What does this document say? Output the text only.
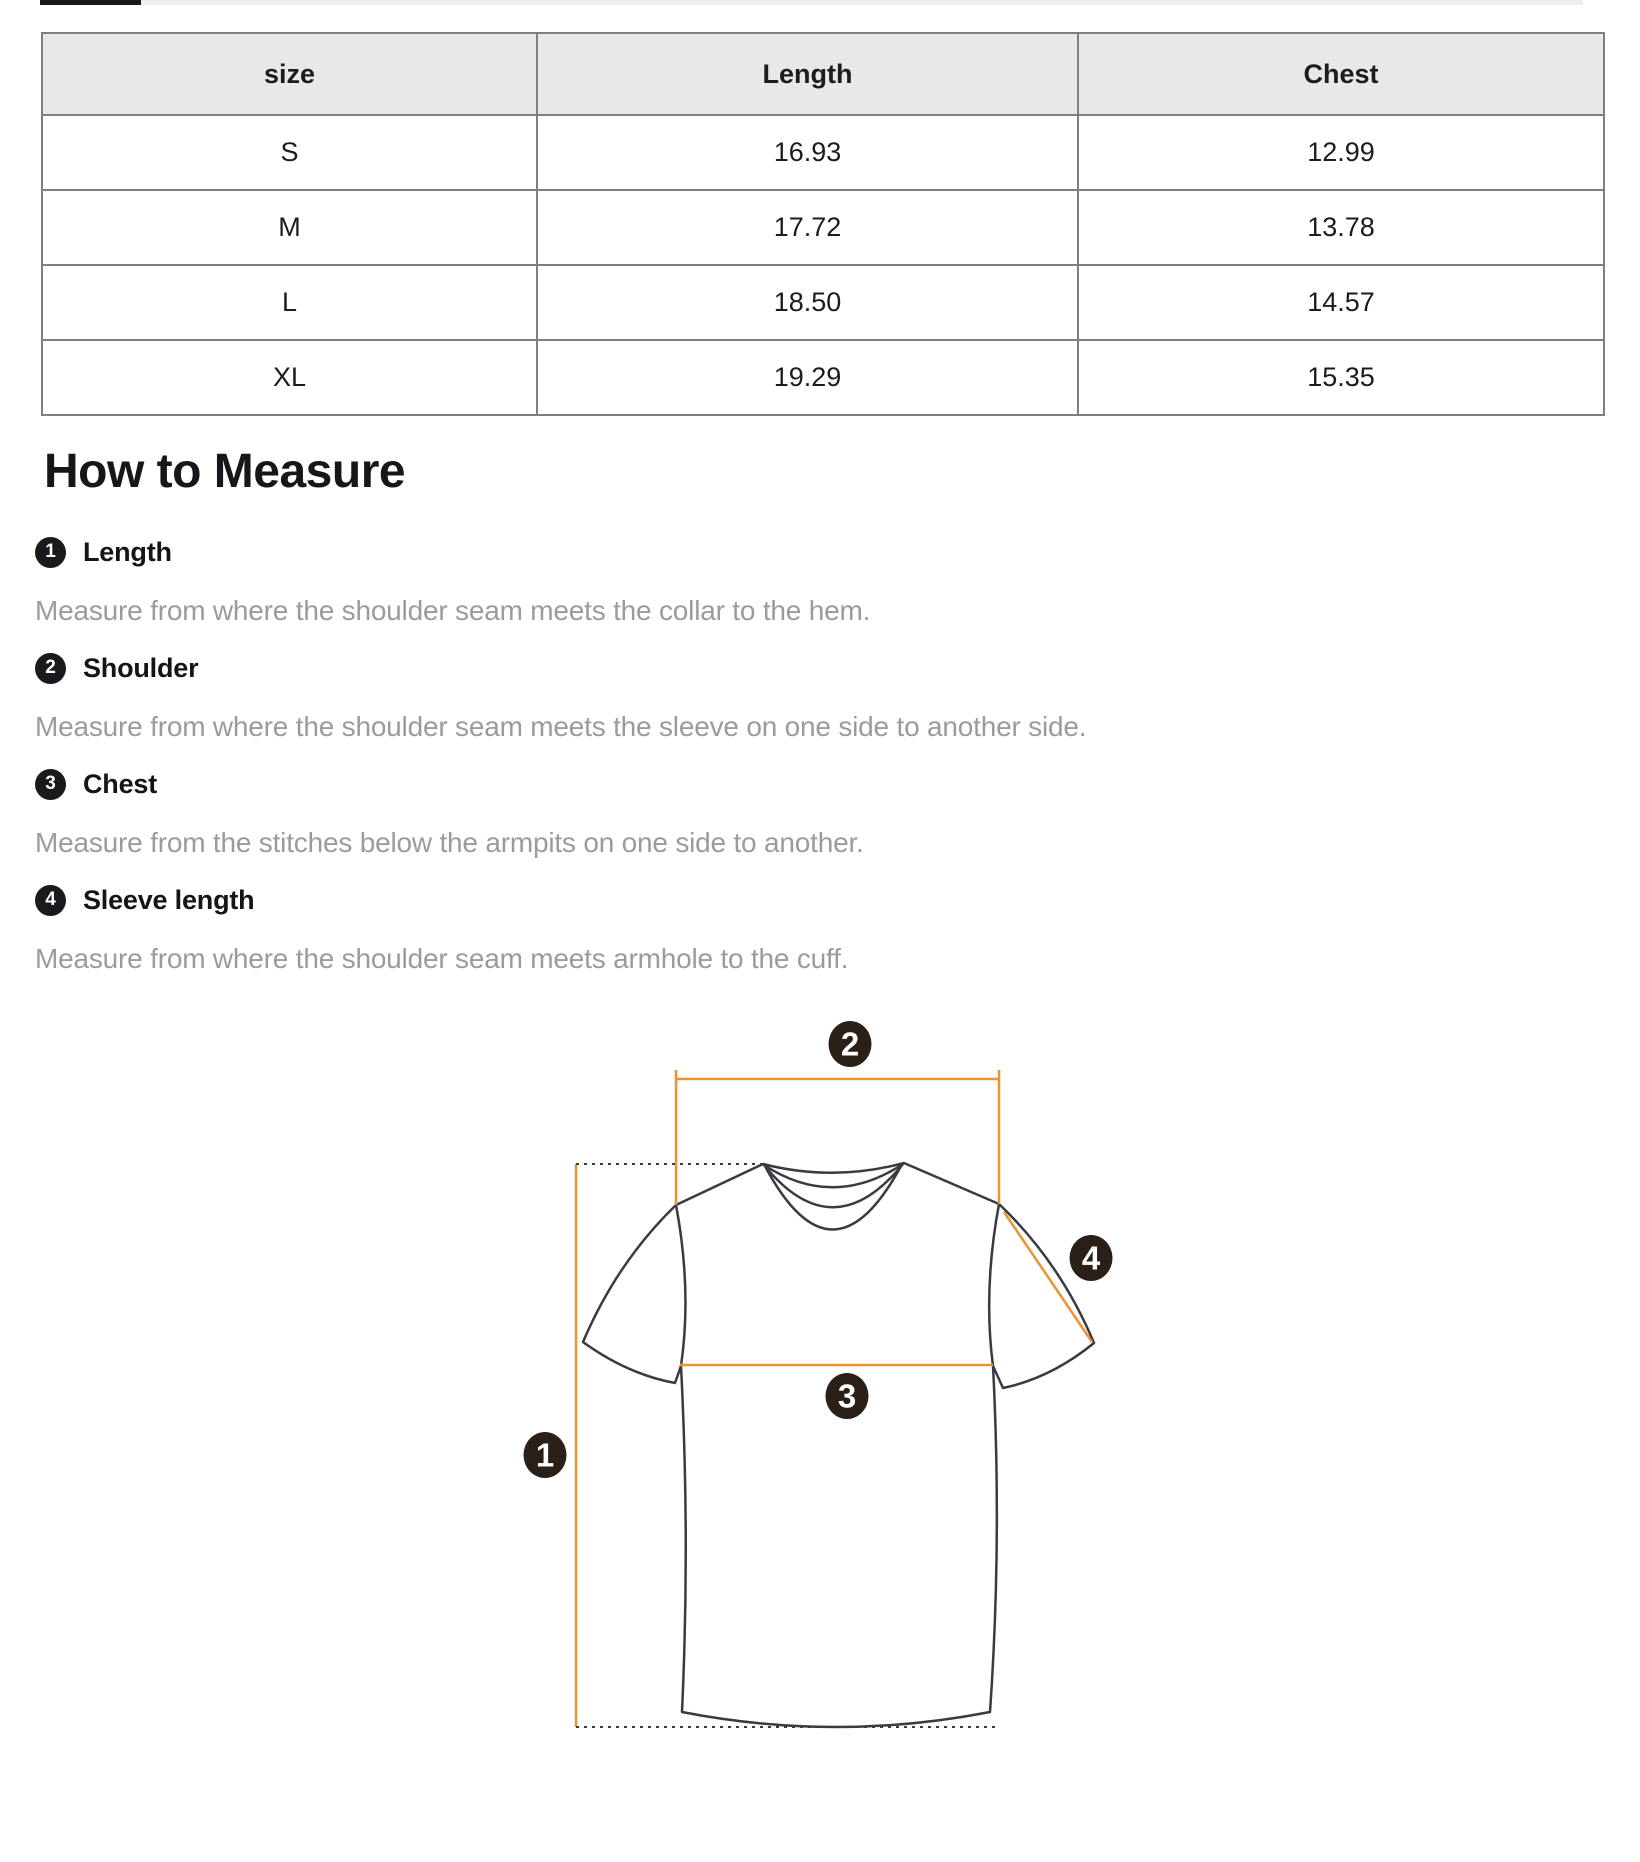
size	Length	Chest
S	16.93	12.99
M	17.72	13.78
L	18.50	14.57
XL	19.29	15.35
How to Measure
1 Length

Measure from where the shoulder seam meets the collar to the hem.

2 Shoulder

Measure from where the shoulder seam meets the sleeve on one side to another side.

3 Chest

Measure from the stitches below the armpits on one side to another.

4 Sleeve length

Measure from where the shoulder seam meets armhole to the cuff.

1
2
3
4
